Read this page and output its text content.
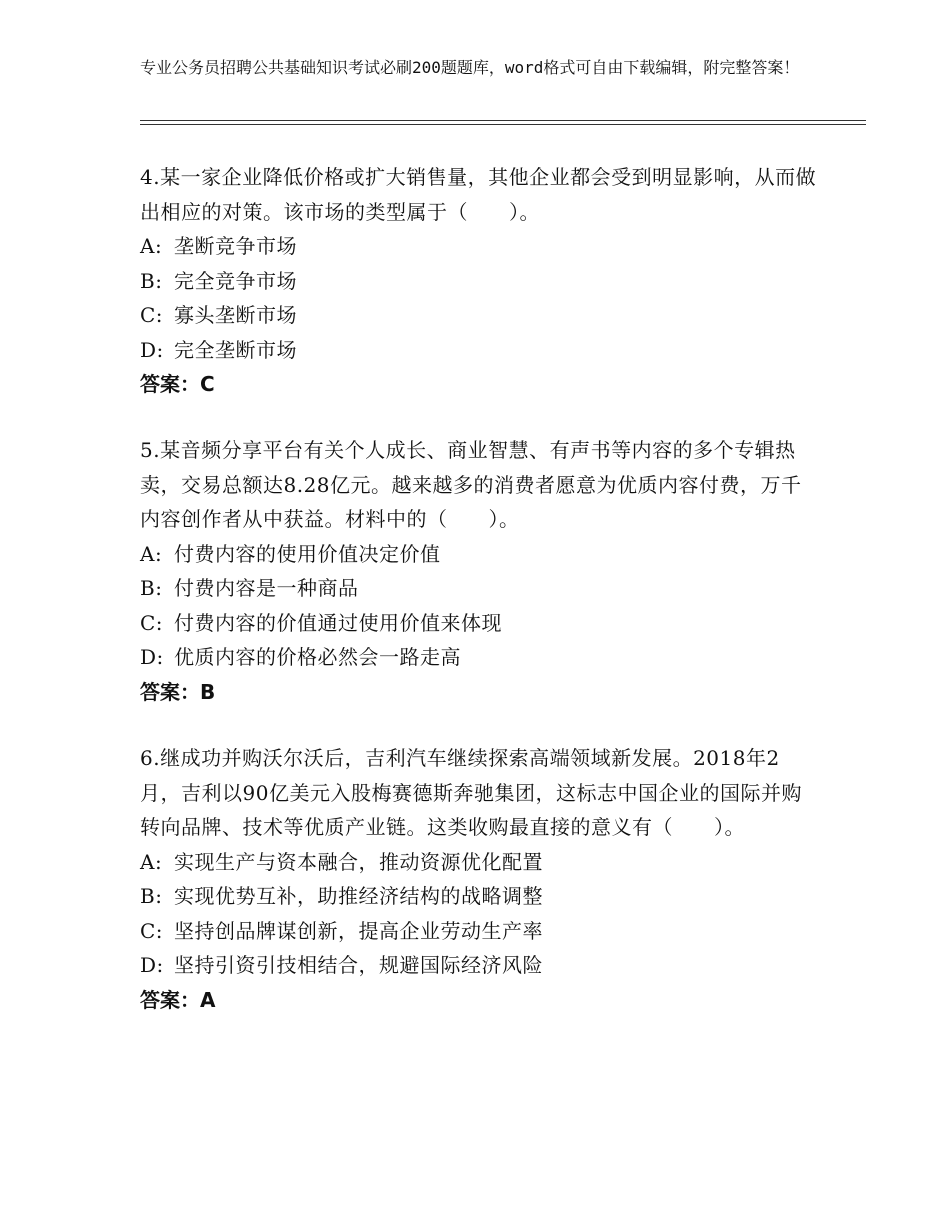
专业公务员招聘公共基础知识考试必刷200题题库，word格式可自由下载编辑，附完整答案！
4.某一家企业降低价格或扩大销售量，其他企业都会受到明显影响，从而做出相应的对策。该市场的类型属于（　　）。
A: 垄断竞争市场
B: 完全竞争市场
C: 寡头垄断市场
D: 完全垄断市场
答案：C
5.某音频分享平台有关个人成长、商业智慧、有声书等内容的多个专辑热卖，交易总额达8.28亿元。越来越多的消费者愿意为优质内容付费，万千内容创作者从中获益。材料中的（　　）。
A: 付费内容的使用价值决定价值
B: 付费内容是一种商品
C: 付费内容的价值通过使用价值来体现
D: 优质内容的价格必然会一路走高
答案：B
6.继成功并购沃尔沃后，吉利汽车继续探索高端领域新发展。2018年2月，吉利以90亿美元入股梅赛德斯奔驰集团，这标志中国企业的国际并购转向品牌、技术等优质产业链。这类收购最直接的意义有（　　）。
A: 实现生产与资本融合，推动资源优化配置
B: 实现优势互补，助推经济结构的战略调整
C: 坚持创品牌谋创新，提高企业劳动生产率
D: 坚持引资引技相结合，规避国际经济风险
答案：A
